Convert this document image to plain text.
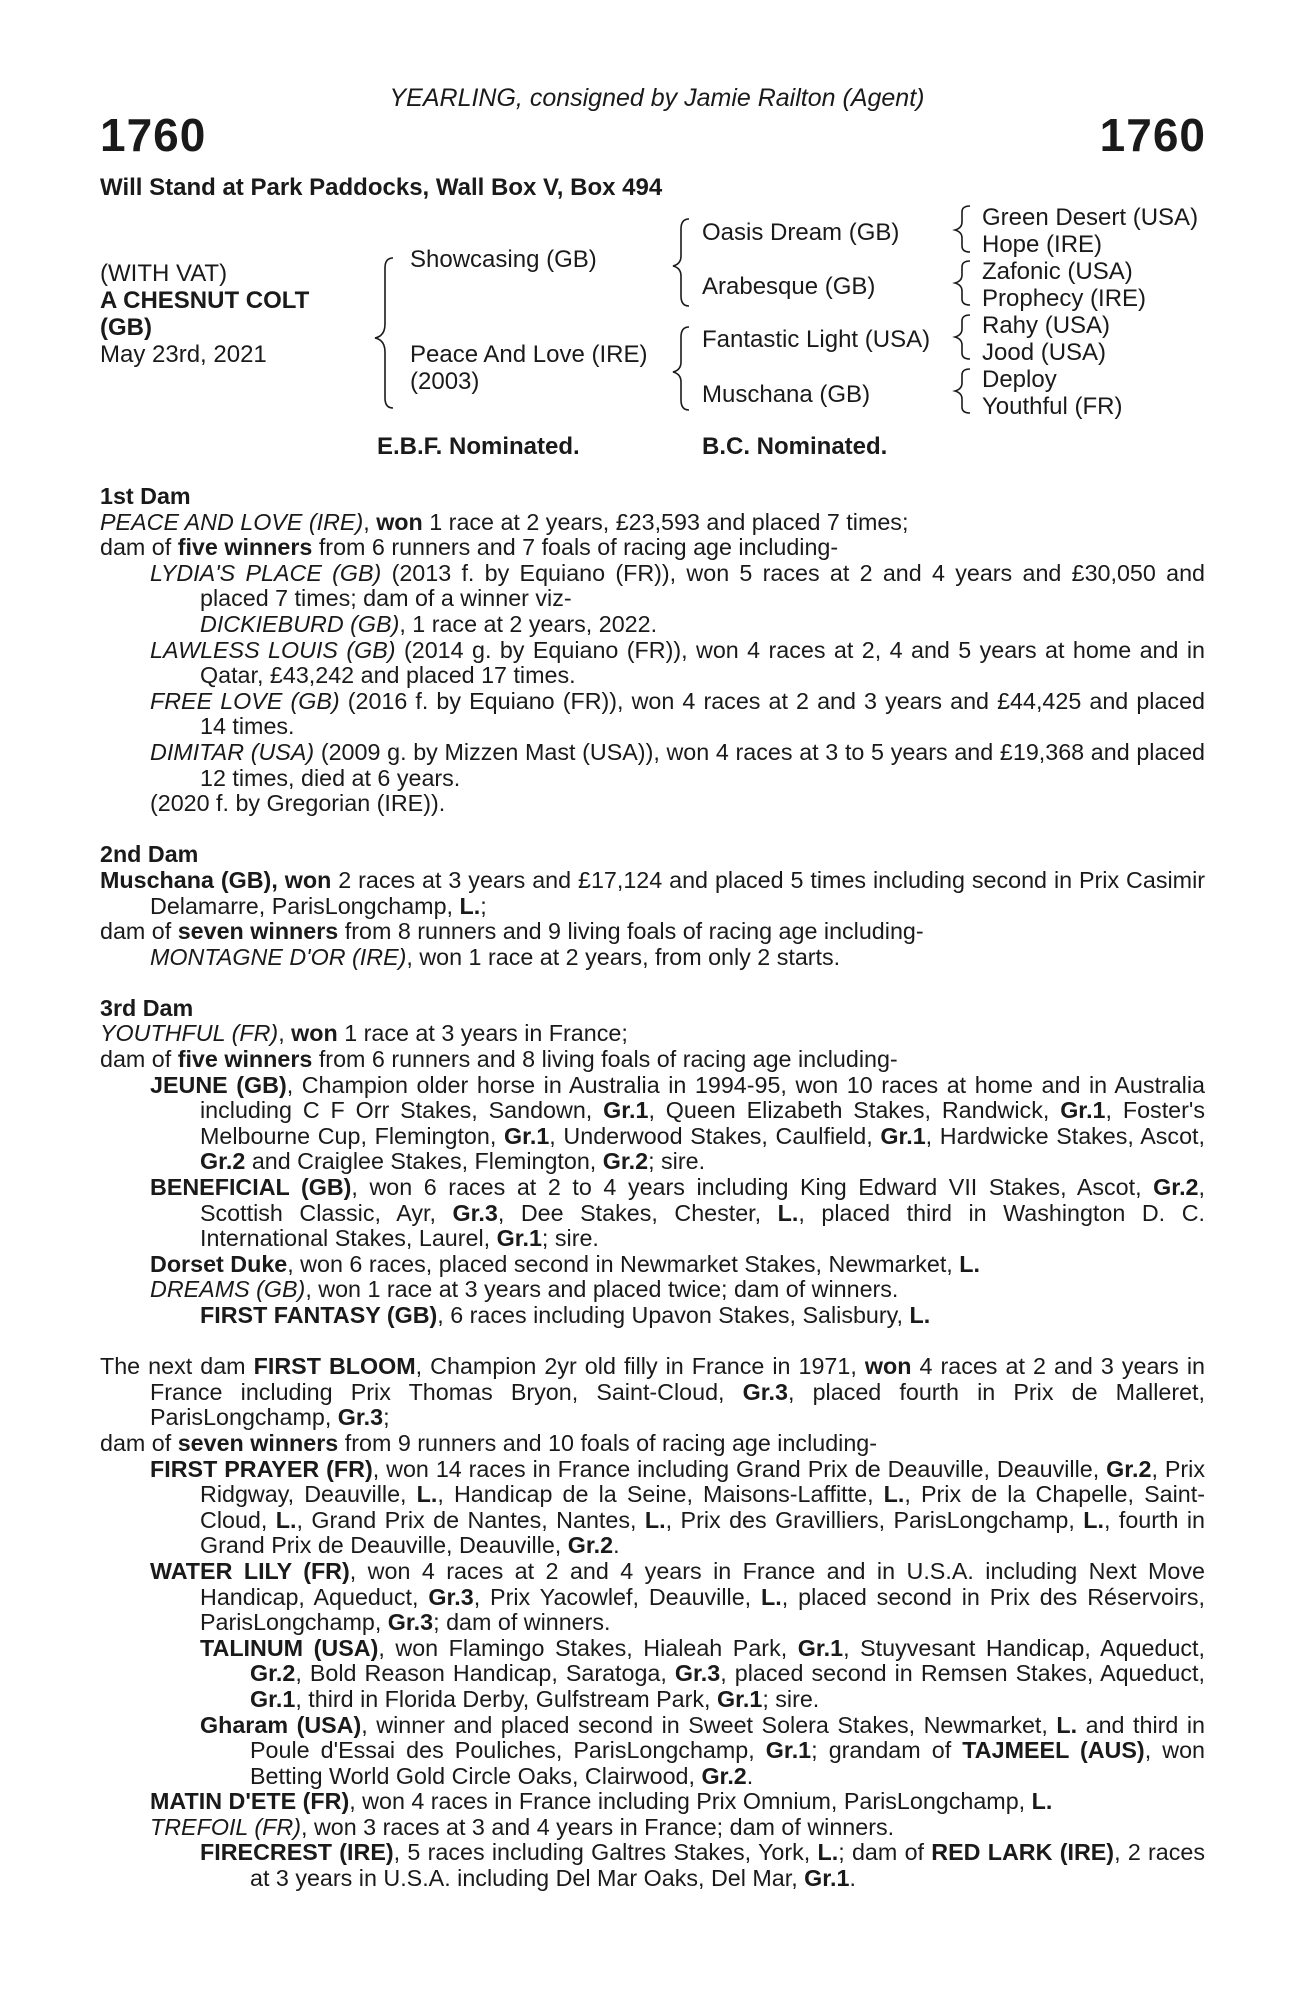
YEARLING, consigned by Jamie Railton (Agent)
1760	1760
Will Stand at Park Paddocks, Wall Box V, Box 494
(WITH VAT)
A CHESNUT COLT
(GB)
May 23rd, 2021
Showcasing (GB)
Peace And Love (IRE)
(2003)
Oasis Dream (GB)
Arabesque (GB)
Fantastic Light (USA)
Muschana (GB)
Green Desert (USA)
Hope (IRE)
Zafonic (USA)
Prophecy (IRE)
Rahy (USA)
Jood (USA)
Deploy
Youthful (FR)
E.B.F. Nominated.	B.C. Nominated.
1st Dam
PEACE AND LOVE (IRE), won 1 race at 2 years, £23,593 and placed 7 times;
dam of five winners from 6 runners and 7 foals of racing age including-
LYDIA'S PLACE (GB) (2013 f. by Equiano (FR)), won 5 races at 2 and 4 years and £30,050 and placed 7 times; dam of a winner viz-
DICKIEBURD (GB), 1 race at 2 years, 2022.
LAWLESS LOUIS (GB) (2014 g. by Equiano (FR)), won 4 races at 2, 4 and 5 years at home and in Qatar, £43,242 and placed 17 times.
FREE LOVE (GB) (2016 f. by Equiano (FR)), won 4 races at 2 and 3 years and £44,425 and placed 14 times.
DIMITAR (USA) (2009 g. by Mizzen Mast (USA)), won 4 races at 3 to 5 years and £19,368 and placed 12 times, died at 6 years.
(2020 f. by Gregorian (IRE)).
2nd Dam
Muschana (GB), won 2 races at 3 years and £17,124 and placed 5 times including second in Prix Casimir Delamarre, ParisLongchamp, L.;
dam of seven winners from 8 runners and 9 living foals of racing age including-
MONTAGNE D'OR (IRE), won 1 race at 2 years, from only 2 starts.
3rd Dam
YOUTHFUL (FR), won 1 race at 3 years in France;
dam of five winners from 6 runners and 8 living foals of racing age including-
JEUNE (GB), Champion older horse in Australia in 1994-95, won 10 races at home and in Australia including C F Orr Stakes, Sandown, Gr.1, Queen Elizabeth Stakes, Randwick, Gr.1, Foster's Melbourne Cup, Flemington, Gr.1, Underwood Stakes, Caulfield, Gr.1, Hardwicke Stakes, Ascot, Gr.2 and Craiglee Stakes, Flemington, Gr.2; sire.
BENEFICIAL (GB), won 6 races at 2 to 4 years including King Edward VII Stakes, Ascot, Gr.2, Scottish Classic, Ayr, Gr.3, Dee Stakes, Chester, L., placed third in Washington D. C. International Stakes, Laurel, Gr.1; sire.
Dorset Duke, won 6 races, placed second in Newmarket Stakes, Newmarket, L.
DREAMS (GB), won 1 race at 3 years and placed twice; dam of winners.
FIRST FANTASY (GB), 6 races including Upavon Stakes, Salisbury, L.
The next dam FIRST BLOOM, Champion 2yr old filly in France in 1971, won 4 races at 2 and 3 years in France including Prix Thomas Bryon, Saint-Cloud, Gr.3, placed fourth in Prix de Malleret, ParisLongchamp, Gr.3;
dam of seven winners from 9 runners and 10 foals of racing age including-
FIRST PRAYER (FR), won 14 races in France including Grand Prix de Deauville, Deauville, Gr.2, Prix Ridgway, Deauville, L., Handicap de la Seine, Maisons-Laffitte, L., Prix de la Chapelle, Saint-Cloud, L., Grand Prix de Nantes, Nantes, L., Prix des Gravilliers, ParisLongchamp, L., fourth in Grand Prix de Deauville, Deauville, Gr.2.
WATER LILY (FR), won 4 races at 2 and 4 years in France and in U.S.A. including Next Move Handicap, Aqueduct, Gr.3, Prix Yacowlef, Deauville, L., placed second in Prix des Réservoirs, ParisLongchamp, Gr.3; dam of winners.
TALINUM (USA), won Flamingo Stakes, Hialeah Park, Gr.1, Stuyvesant Handicap, Aqueduct, Gr.2, Bold Reason Handicap, Saratoga, Gr.3, placed second in Remsen Stakes, Aqueduct, Gr.1, third in Florida Derby, Gulfstream Park, Gr.1; sire.
Gharam (USA), winner and placed second in Sweet Solera Stakes, Newmarket, L. and third in Poule d'Essai des Pouliches, ParisLongchamp, Gr.1; grandam of TAJMEEL (AUS), won Betting World Gold Circle Oaks, Clairwood, Gr.2.
MATIN D'ETE (FR), won 4 races in France including Prix Omnium, ParisLongchamp, L.
TREFOIL (FR), won 3 races at 3 and 4 years in France; dam of winners.
FIRECREST (IRE), 5 races including Galtres Stakes, York, L.; dam of RED LARK (IRE), 2 races at 3 years in U.S.A. including Del Mar Oaks, Del Mar, Gr.1.
